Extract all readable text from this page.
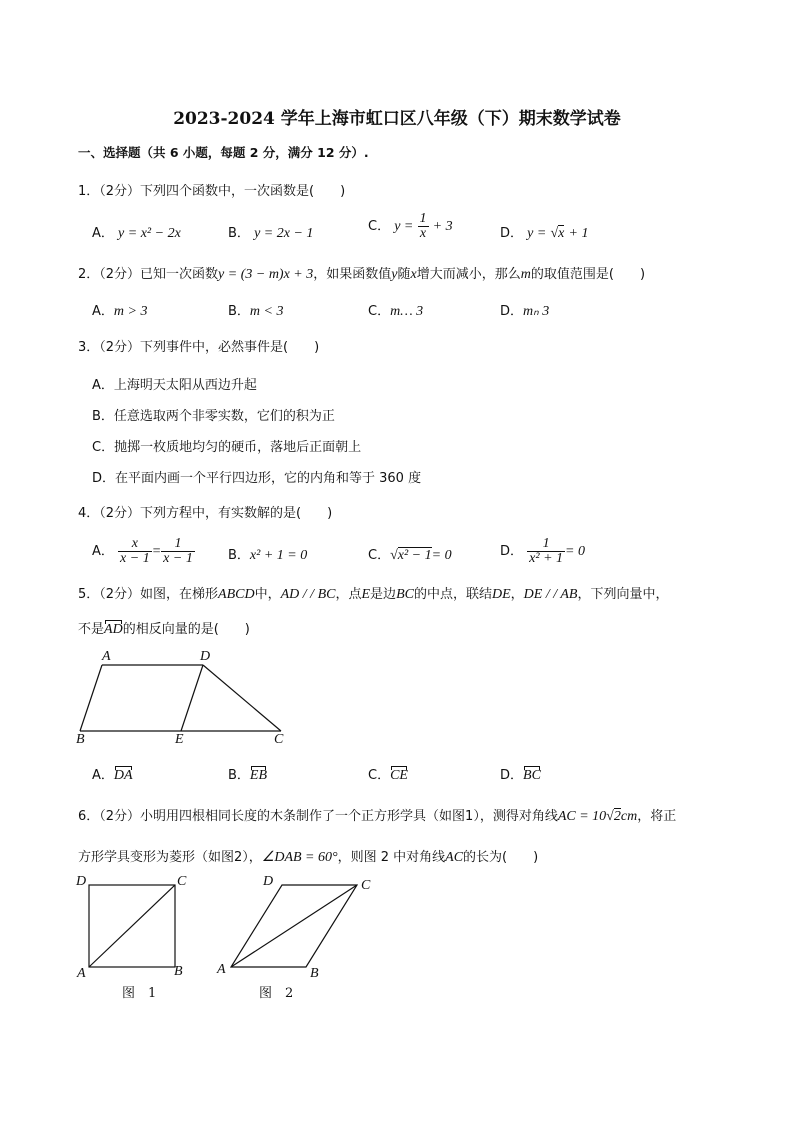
2023-2024 学年上海市虹口区八年级（下）期末数学试卷
一、选择题（共 6 小题，每题 2 分，满分 12 分）.
1．（2分）下列四个函数中，一次函数是(　　)
A． y = x² − 2x	B． y = 2x − 1	C． $y = \frac{1}{x} + 3$	D． y = √x + 1
2．（2分）已知一次函数y = (3 − m)x + 3，如果函数值y随x增大而减小，那么m的取值范围是(　　)
A．m > 3	B．m < 3	C．m… 3	D．mₙ 3
3．（2分）下列事件中，必然事件是(　　)
A．上海明天太阳从西边升起
B．任意选取两个非零实数，它们的积为正
C．抛掷一枚质地均匀的硬币，落地后正面朝上
D．在平面内画一个平行四边形，它的内角和等于 360 度
4．（2分）下列方程中，有实数解的是(　　)
A． $\frac{x}{x - 1} = \frac{1}{x - 1}$	B．x² + 1 = 0	C．√x² − 1= 0	D． $\frac{1}{\text{x² + 1}} = 0$
5．（2分）如图，在梯形ABCD中，AD / / BC，点E是边BC的中点，联结DE，DE / / AB，下列向量中，
不是AD的相反向量的是(　　)
A	D
B	E	C
A．DA	B．EB	C．CE	D．BC
6．（2分）小明用四根相同长度的木条制作了一个正方形学具（如图1），测得对角线AC = 10√2cm，将正
方形学具变形为菱形（如图2），∠DAB = 60°，则图 2 中对角线AC的长为(　　)
D	C
A	B
图　1
D	C
A	B
图　2
